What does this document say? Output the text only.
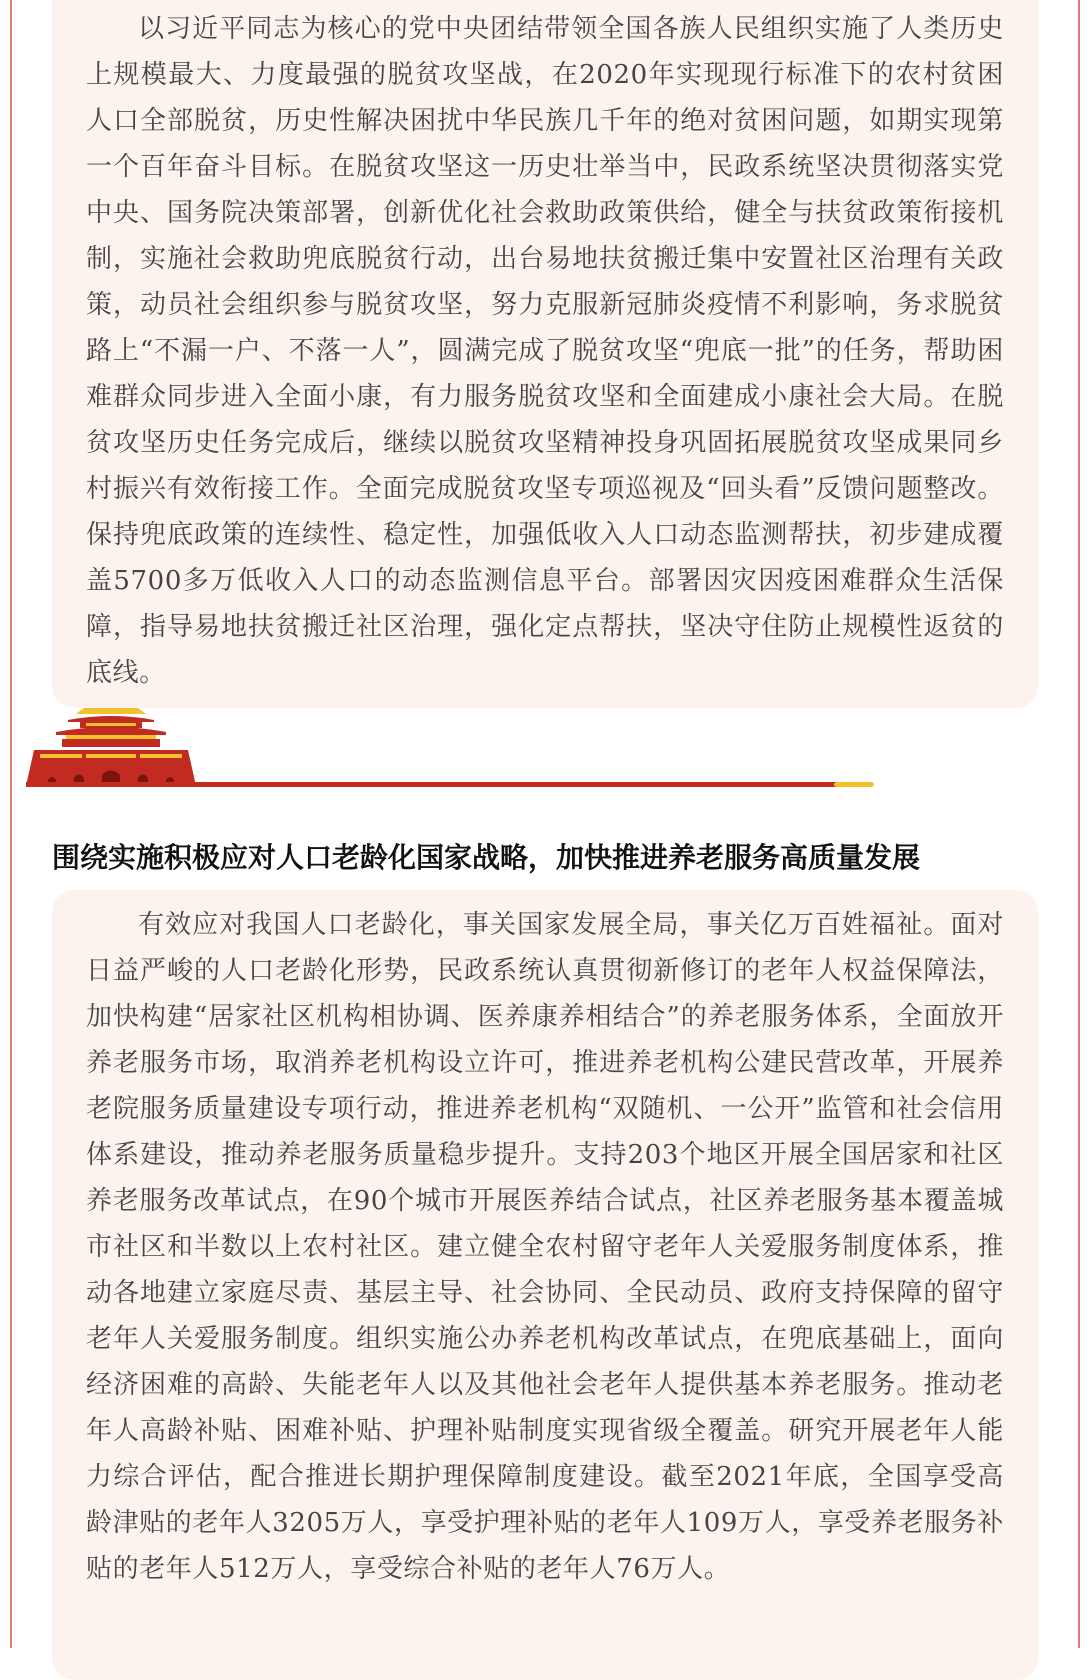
以习近平同志为核心的党中央团结带领全国各族人民组织实施了人类历史上规模最大、力度最强的脱贫攻坚战，在2020年实现现行标准下的农村贫困人口全部脱贫，历史性解决困扰中华民族几千年的绝对贫困问题，如期实现第一个百年奋斗目标。在脱贫攻坚这一历史壮举当中，民政系统坚决贯彻落实党中央、国务院决策部署，创新优化社会救助政策供给，健全与扶贫政策衔接机制，实施社会救助兜底脱贫行动，出台易地扶贫搬迁集中安置社区治理有关政策，动员社会组织参与脱贫攻坚，努力克服新冠肺炎疫情不利影响，务求脱贫路上“不漏一户、不落一人”，圆满完成了脱贫攻坚“兜底一批”的任务，帮助困难群众同步进入全面小康，有力服务脱贫攻坚和全面建成小康社会大局。在脱贫攻坚历史任务完成后，继续以脱贫攻坚精神投身巩固拓展脱贫攻坚成果同乡村振兴有效衔接工作。全面完成脱贫攻坚专项巡视及“回头看”反馈问题整改。保持兜底政策的连续性、稳定性，加强低收入人口动态监测帮扶，初步建成覆盖5700多万低收入人口的动态监测信息平台。部署因灾因疫困难群众生活保障，指导易地扶贫搬迁社区治理，强化定点帮扶，坚决守住防止规模性返贫的底线。

围绕实施积极应对人口老龄化国家战略，加快推进养老服务高质量发展

有效应对我国人口老龄化，事关国家发展全局，事关亿万百姓福祉。面对日益严峻的人口老龄化形势，民政系统认真贯彻新修订的老年人权益保障法，加快构建“居家社区机构相协调、医养康养相结合”的养老服务体系，全面放开养老服务市场，取消养老机构设立许可，推进养老机构公建民营改革，开展养老院服务质量建设专项行动，推进养老机构“双随机、一公开”监管和社会信用体系建设，推动养老服务质量稳步提升。支持203个地区开展全国居家和社区养老服务改革试点，在90个城市开展医养结合试点，社区养老服务基本覆盖城市社区和半数以上农村社区。建立健全农村留守老年人关爱服务制度体系，推动各地建立家庭尽责、基层主导、社会协同、全民动员、政府支持保障的留守老年人关爱服务制度。组织实施公办养老机构改革试点，在兜底基础上，面向经济困难的高龄、失能老年人以及其他社会老年人提供基本养老服务。推动老年人高龄补贴、困难补贴、护理补贴制度实现省级全覆盖。研究开展老年人能力综合评估，配合推进长期护理保障制度建设。截至2021年底，全国享受高龄津贴的老年人3205万人，享受护理补贴的老年人109万人，享受养老服务补贴的老年人512万人，享受综合补贴的老年人76万人。
